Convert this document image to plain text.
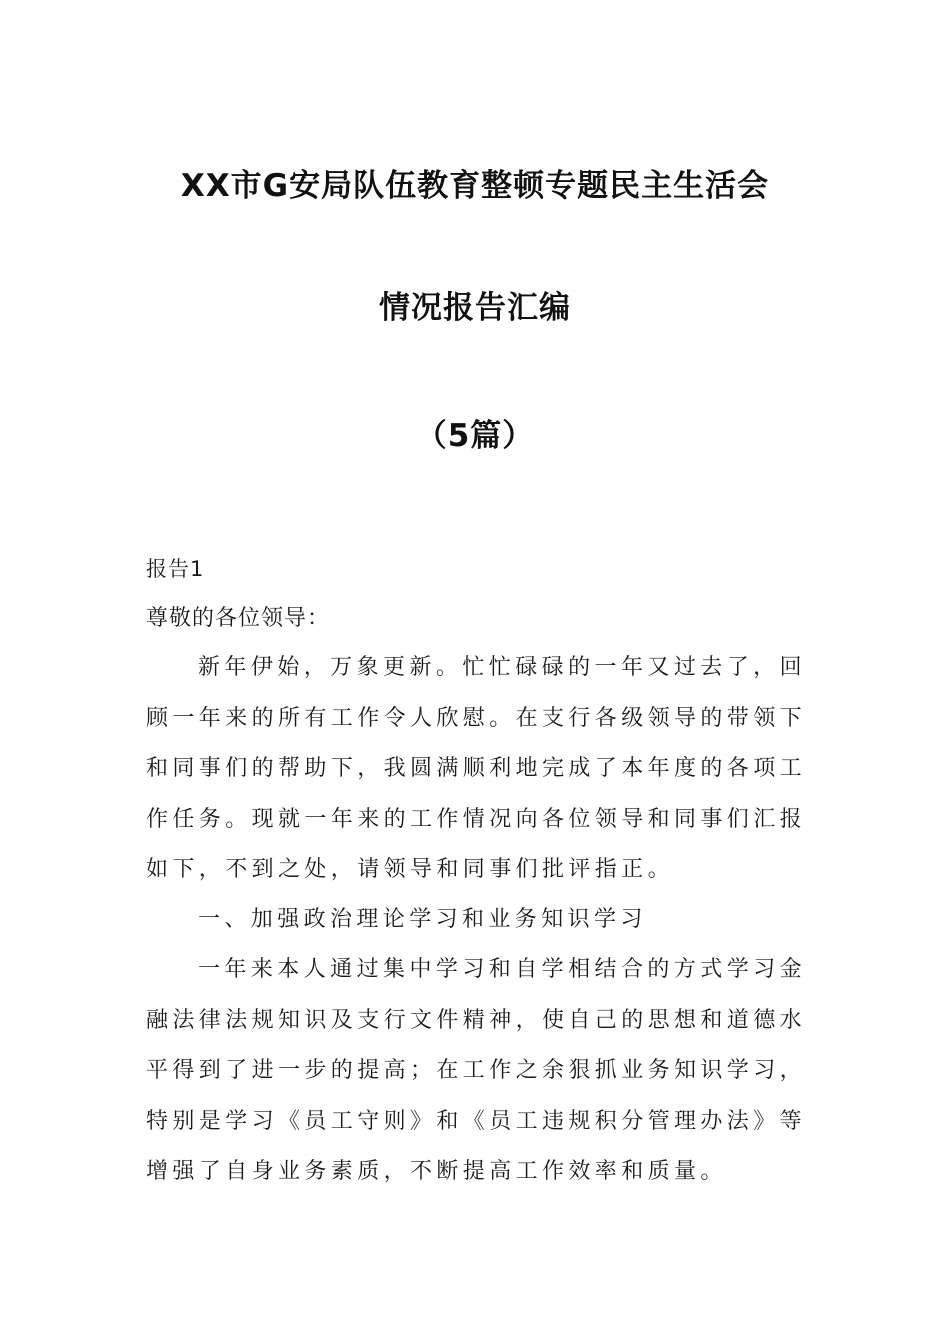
XX市G安局队伍教育整顿专题民主生活会
情况报告汇编
（5篇）
报告1
尊敬的各位领导：

新年伊始，万象更新。忙忙碌碌的一年又过去了，回顾一年来的所有工作令人欣慰。在支行各级领导的带领下和同事们的帮助下，我圆满顺利地完成了本年度的各项工作任务。现就一年来的工作情况向各位领导和同事们汇报如下，不到之处，请领导和同事们批评指正。

一、加强政治理论学习和业务知识学习

一年来本人通过集中学习和自学相结合的方式学习金融法律法规知识及支行文件精神，使自己的思想和道德水平得到了进一步的提高；在工作之余狠抓业务知识学习，特别是学习《员工守则》和《员工违规积分管理办法》等增强了自身业务素质，不断提高工作效率和质量。
